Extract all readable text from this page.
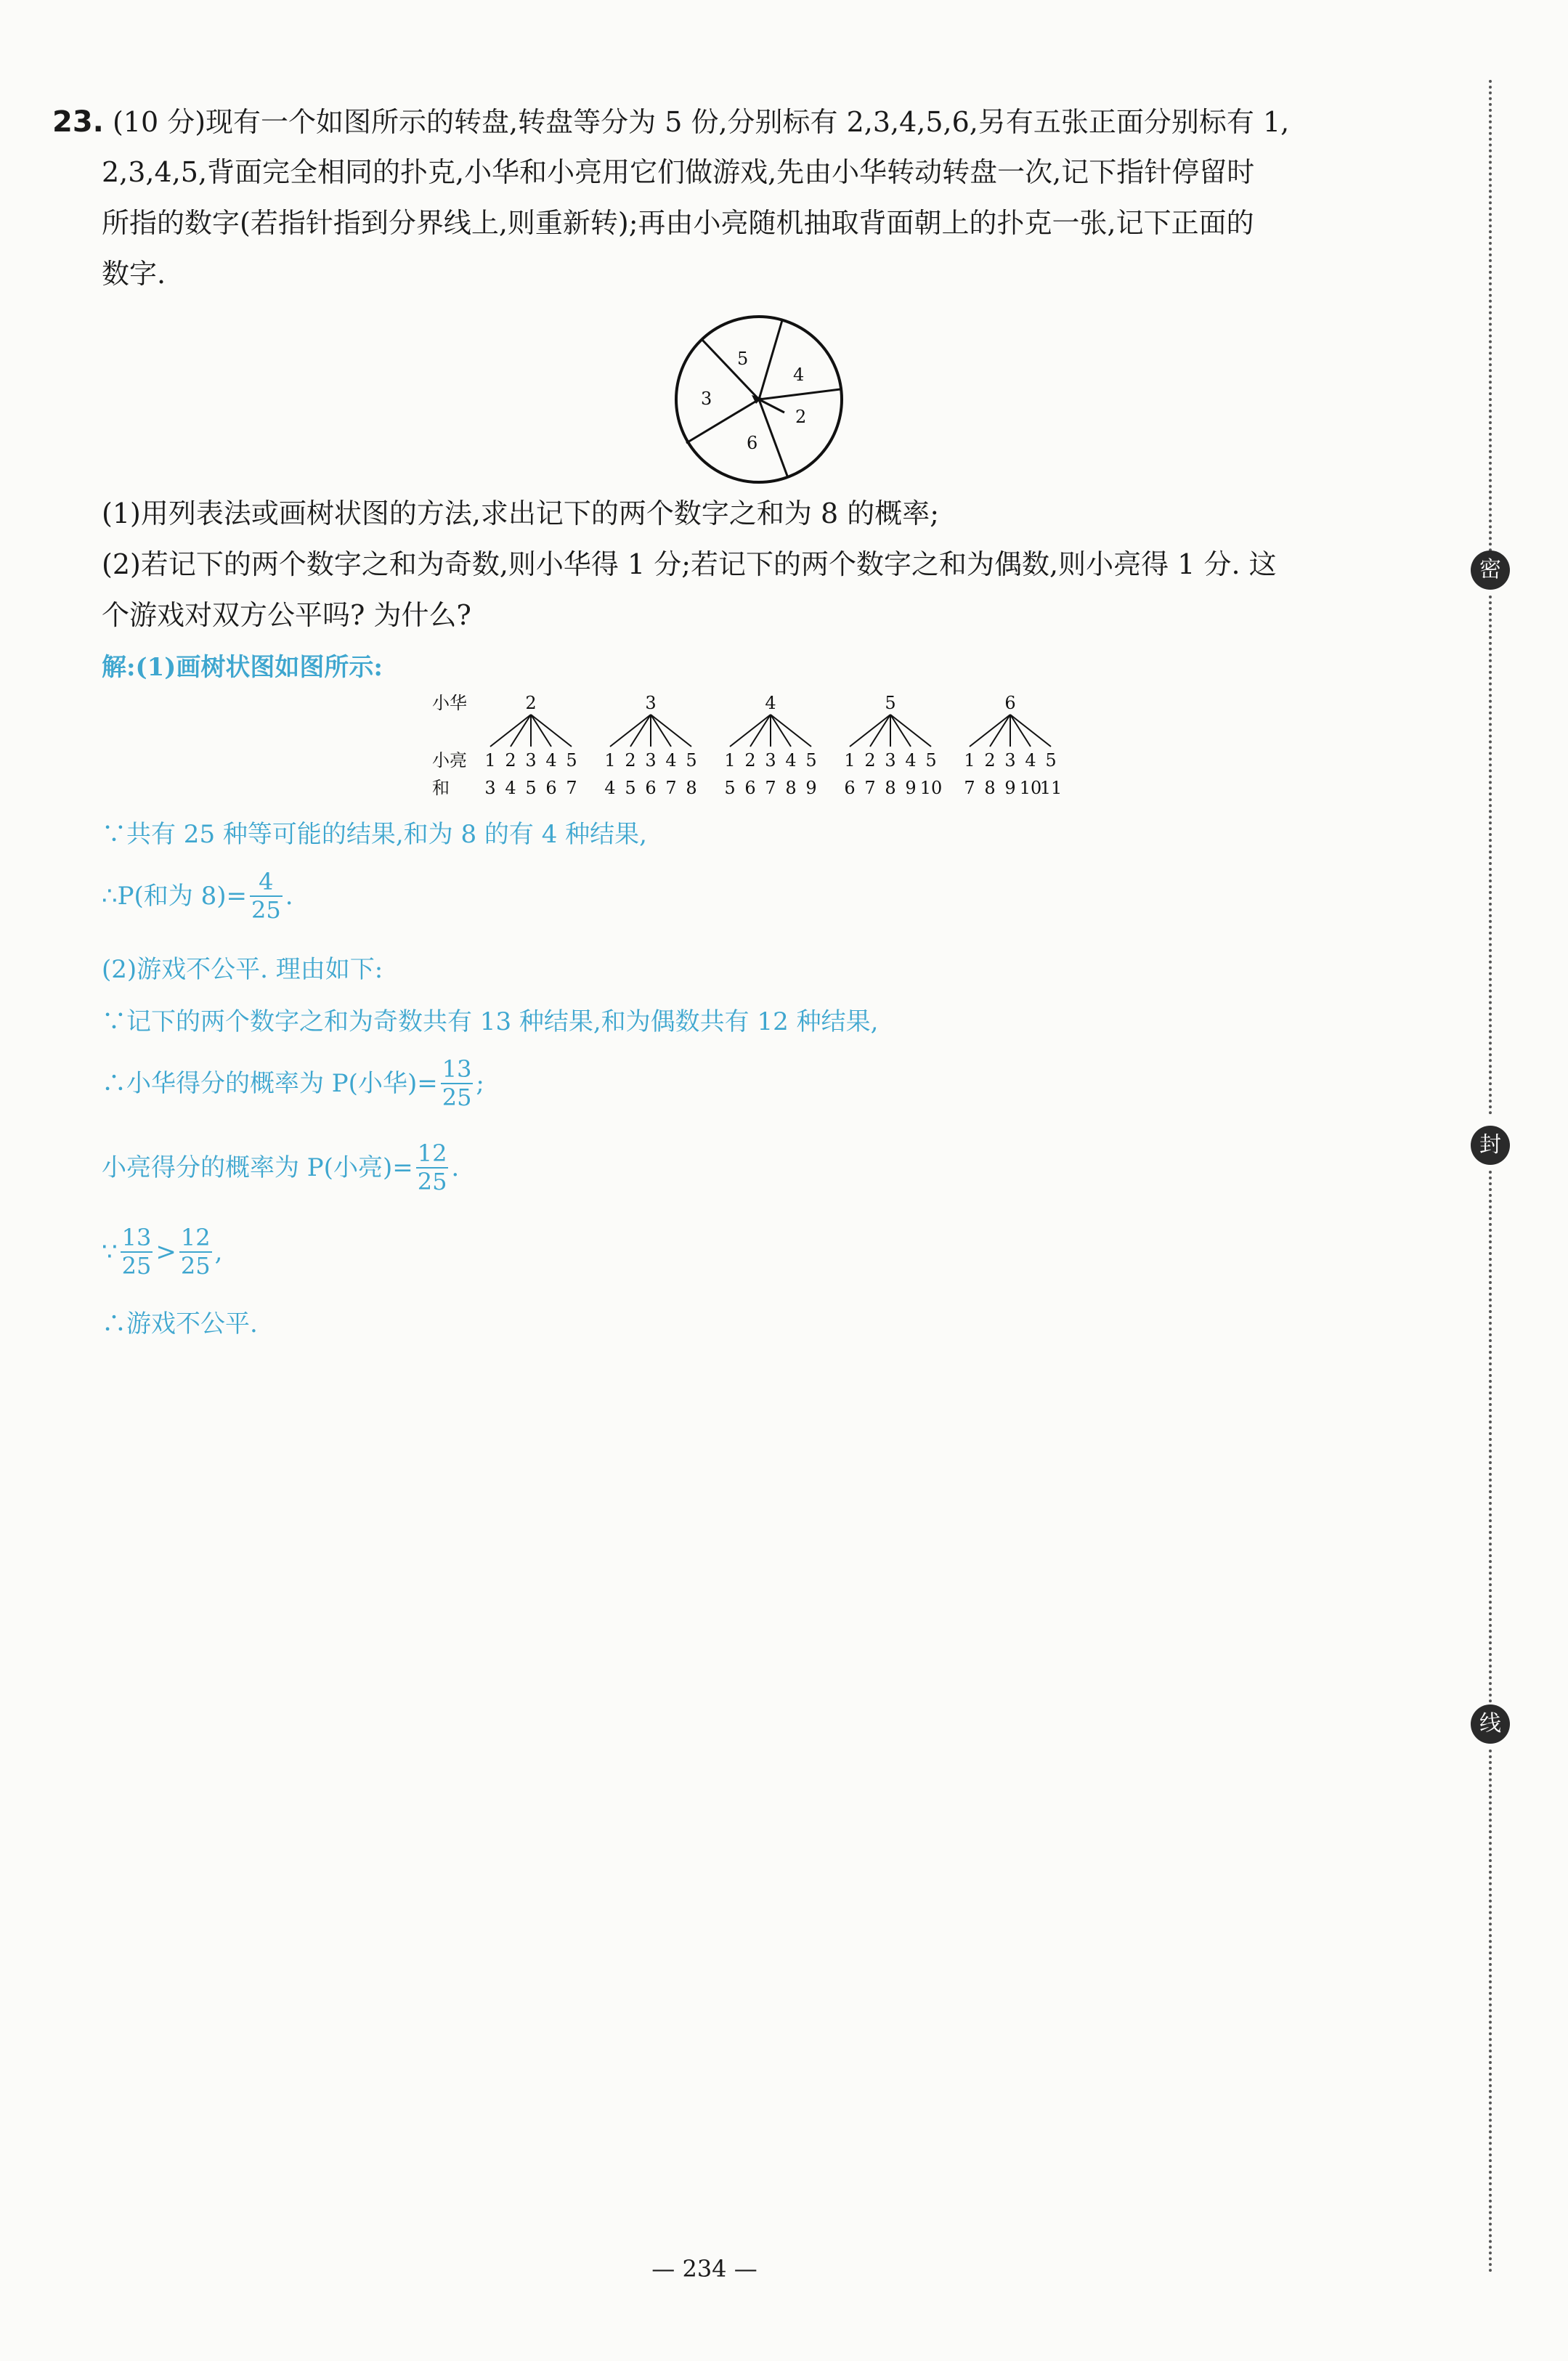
23. (10 分)现有一个如图所示的转盘,转盘等分为 5 份,分别标有 2,3,4,5,6,另有五张正面分别标有 1,
2,3,4,5,背面完全相同的扑克,小华和小亮用它们做游戏,先由小华转动转盘一次,记下指针停留时
所指的数字(若指针指到分界线上,则重新转);再由小亮随机抽取背面朝上的扑克一张,记下正面的
数字.
5
4
2
6
3
(1)用列表法或画树状图的方法,求出记下的两个数字之和为 8 的概率;
(2)若记下的两个数字之和为奇数,则小华得 1 分;若记下的两个数字之和为偶数,则小亮得 1 分. 这
个游戏对双方公平吗? 为什么?
解:(1)画树状图如图所示:
小华
小亮
和
2
1
3
2
4
3
5
4
6
5
7
3
1
4
2
5
3
6
4
7
5
8
4
1
5
2
6
3
7
4
8
5
9
5
1
6
2
7
3
8
4
9
5
10
6
1
7
2
8
3
9
4
10
5
11
∵共有 25 种等可能的结果,和为 8 的有 4 种结果,
∴P(和为 $8)= \frac{4}{25}$ .
(2)游戏不公平. 理由如下:
∵记下的两个数字之和为奇数共有 13 种结果,和为偶数共有 12 种结果,
∴小华得分的概率为 P(小华)= $\frac{13}{25}$ ;
小亮得分的概率为 P(小亮)= $\frac{12}{25}$ .
∵ $\frac{13}{25} > \frac{12}{25}$ ,
∴游戏不公平.
密
封
线
— 234 —
